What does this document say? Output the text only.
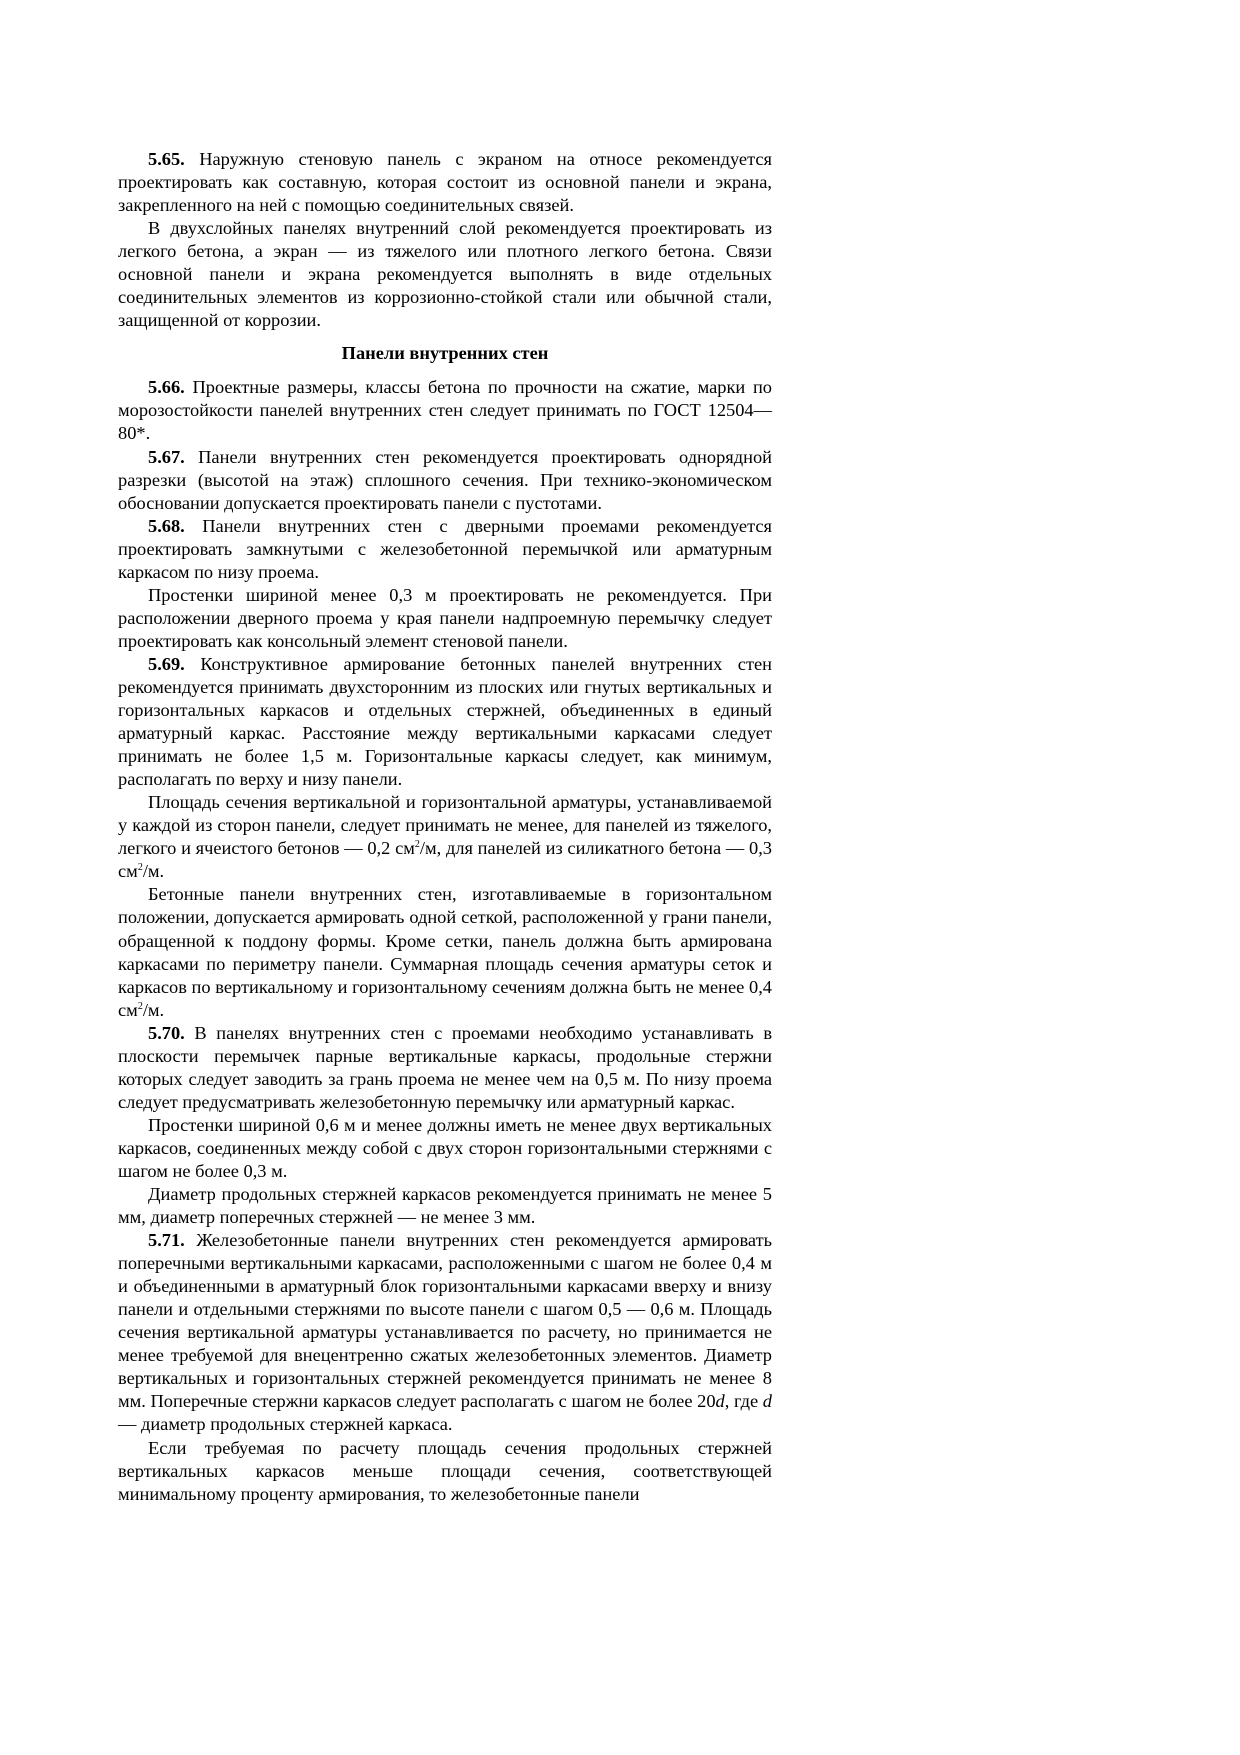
5.65. Наружную стеновую панель с экраном на относе рекомендуется проектировать как составную, которая состоит из основной панели и экрана, закрепленного на ней с помощью соединительных связей.

В двухслойных панелях внутренний слой рекомендуется проектировать из легкого бетона, а экран — из тяжелого или плотного легкого бетона. Связи основной панели и экрана рекомендуется выполнять в виде отдельных соединительных элементов из коррозионно-стойкой стали или обычной стали, защищенной от коррозии.

Панели внутренних стен

5.66. Проектные размеры, классы бетона по прочности на сжатие, марки по морозостойкости панелей внутренних стен следует принимать по ГОСТ 12504—80*.

5.67. Панели внутренних стен рекомендуется проектировать однорядной разрезки (высотой на этаж) сплошного сечения. При технико-экономическом обосновании допускается проектировать панели с пустотами.

5.68. Панели внутренних стен с дверными проемами рекомендуется проектировать замкнутыми с железобетонной перемычкой или арматурным каркасом по низу проема.

Простенки шириной менее 0,3 м проектировать не рекомендуется. При расположении дверного проема у края панели надпроемную перемычку следует проектировать как консольный элемент стеновой панели.

5.69. Конструктивное армирование бетонных панелей внутренних стен рекомендуется принимать двухсторонним из плоских или гнутых вертикальных и горизонтальных каркасов и отдельных стержней, объединенных в единый арматурный каркас. Расстояние между вертикальными каркасами следует принимать не более 1,5 м. Горизонтальные каркасы следует, как минимум, располагать по верху и низу панели.

Площадь сечения вертикальной и горизонтальной арматуры, устанавливаемой у каждой из сторон панели, следует принимать не менее, для панелей из тяжелого, легкого и ячеистого бетонов — 0,2 $см^2/м$, для панелей из силикатного бетона — 0,3 $см^2/м$.

Бетонные панели внутренних стен, изготавливаемые в горизонтальном положении, допускается армировать одной сеткой, расположенной у грани панели, обращенной к поддону формы. Кроме сетки, панель должна быть армирована каркасами по периметру панели. Суммарная площадь сечения арматуры сеток и каркасов по вертикальному и горизонтальному сечениям должна быть не менее 0,4 $см^2/м$.

5.70. В панелях внутренних стен с проемами необходимо устанавливать в плоскости перемычек парные вертикальные каркасы, продольные стержни которых следует заводить за грань проема не менее чем на 0,5 м. По низу проема следует предусматривать железобетонную перемычку или арматурный каркас.

Простенки шириной 0,6 м и менее должны иметь не менее двух вертикальных каркасов, соединенных между собой с двух сторон горизонтальными стержнями с шагом не более 0,3 м.

Диаметр продольных стержней каркасов рекомендуется принимать не менее 5 мм, диаметр поперечных стержней — не менее 3 мм.

5.71. Железобетонные панели внутренних стен рекомендуется армировать поперечными вертикальными каркасами, расположенными с шагом не более 0,4 м и объединенными в арматурный блок горизонтальными каркасами вверху и внизу панели и отдельными стержнями по высоте панели с шагом 0,5 — 0,6 м. Площадь сечения вертикальной арматуры устанавливается по расчету, но принимается не менее требуемой для внецентренно сжатых железобетонных элементов. Диаметр вертикальных и горизонтальных стержней рекомендуется принимать не менее 8 мм. Поперечные стержни каркасов следует располагать с шагом не более 20d, где d — диаметр продольных стержней каркаса.

Если требуемая по расчету площадь сечения продольных стержней вертикальных каркасов меньше площади сечения, соответствующей минимальному проценту армирования, то железобетонные панели
